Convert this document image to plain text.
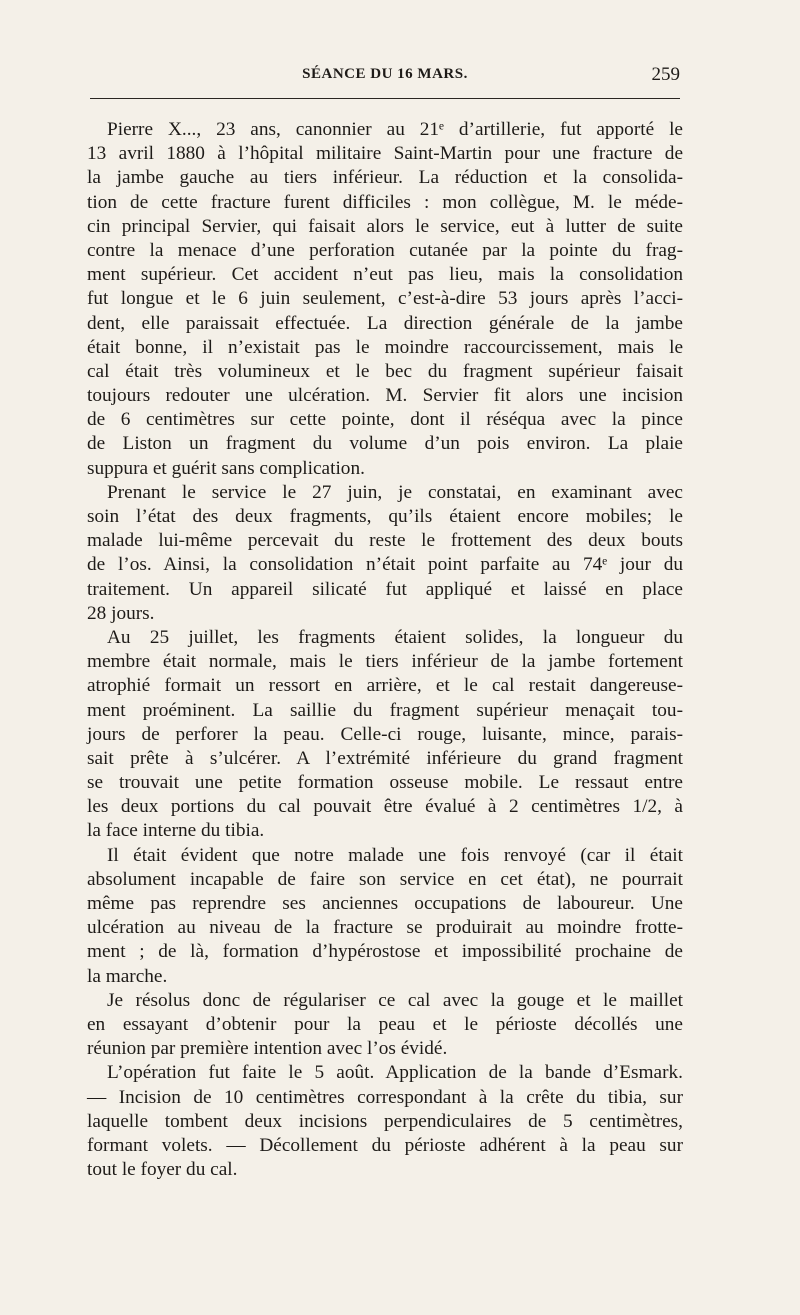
SÉANCE DU 16 MARS.	259
Pierre X..., 23 ans, canonnier au 21ᵉ d’artillerie, fut apporté le
13 avril 1880 à l’hôpital militaire Saint-Martin pour une fracture de
la jambe gauche au tiers inférieur. La réduction et la consolida-
tion de cette fracture furent difficiles : mon collègue, M. le méde-
cin principal Servier, qui faisait alors le service, eut à lutter de suite
contre la menace d’une perforation cutanée par la pointe du frag-
ment supérieur. Cet accident n’eut pas lieu, mais la consolidation
fut longue et le 6 juin seulement, c’est-à-dire 53 jours après l’acci-
dent, elle paraissait effectuée. La direction générale de la jambe
était bonne, il n’existait pas le moindre raccourcissement, mais le
cal était très volumineux et le bec du fragment supérieur faisait
toujours redouter une ulcération. M. Servier fit alors une incision
de 6 centimètres sur cette pointe, dont il réséqua avec la pince
de Liston un fragment du volume d’un pois environ. La plaie
suppura et guérit sans complication.
Prenant le service le 27 juin, je constatai, en examinant avec
soin l’état des deux fragments, qu’ils étaient encore mobiles; le
malade lui-même percevait du reste le frottement des deux bouts
de l’os. Ainsi, la consolidation n’était point parfaite au 74ᵉ jour du
traitement. Un appareil silicaté fut appliqué et laissé en place
28 jours.
Au 25 juillet, les fragments étaient solides, la longueur du
membre était normale, mais le tiers inférieur de la jambe fortement
atrophié formait un ressort en arrière, et le cal restait dangereuse-
ment proéminent. La saillie du fragment supérieur menaçait tou-
jours de perforer la peau. Celle-ci rouge, luisante, mince, parais-
sait prête à s’ulcérer. A l’extrémité inférieure du grand fragment
se trouvait une petite formation osseuse mobile. Le ressaut entre
les deux portions du cal pouvait être évalué à 2 centimètres 1/2, à
la face interne du tibia.
Il était évident que notre malade une fois renvoyé (car il était
absolument incapable de faire son service en cet état), ne pourrait
même pas reprendre ses anciennes occupations de laboureur. Une
ulcération au niveau de la fracture se produirait au moindre frotte-
ment ; de là, formation d’hypérostose et impossibilité prochaine de
la marche.
Je résolus donc de régulariser ce cal avec la gouge et le maillet
en essayant d’obtenir pour la peau et le périoste décollés une
réunion par première intention avec l’os évidé.
L’opération fut faite le 5 août. Application de la bande d’Esmark.
— Incision de 10 centimètres correspondant à la crête du tibia, sur
laquelle tombent deux incisions perpendiculaires de 5 centimètres,
formant volets. — Décollement du périoste adhérent à la peau sur
tout le foyer du cal.
